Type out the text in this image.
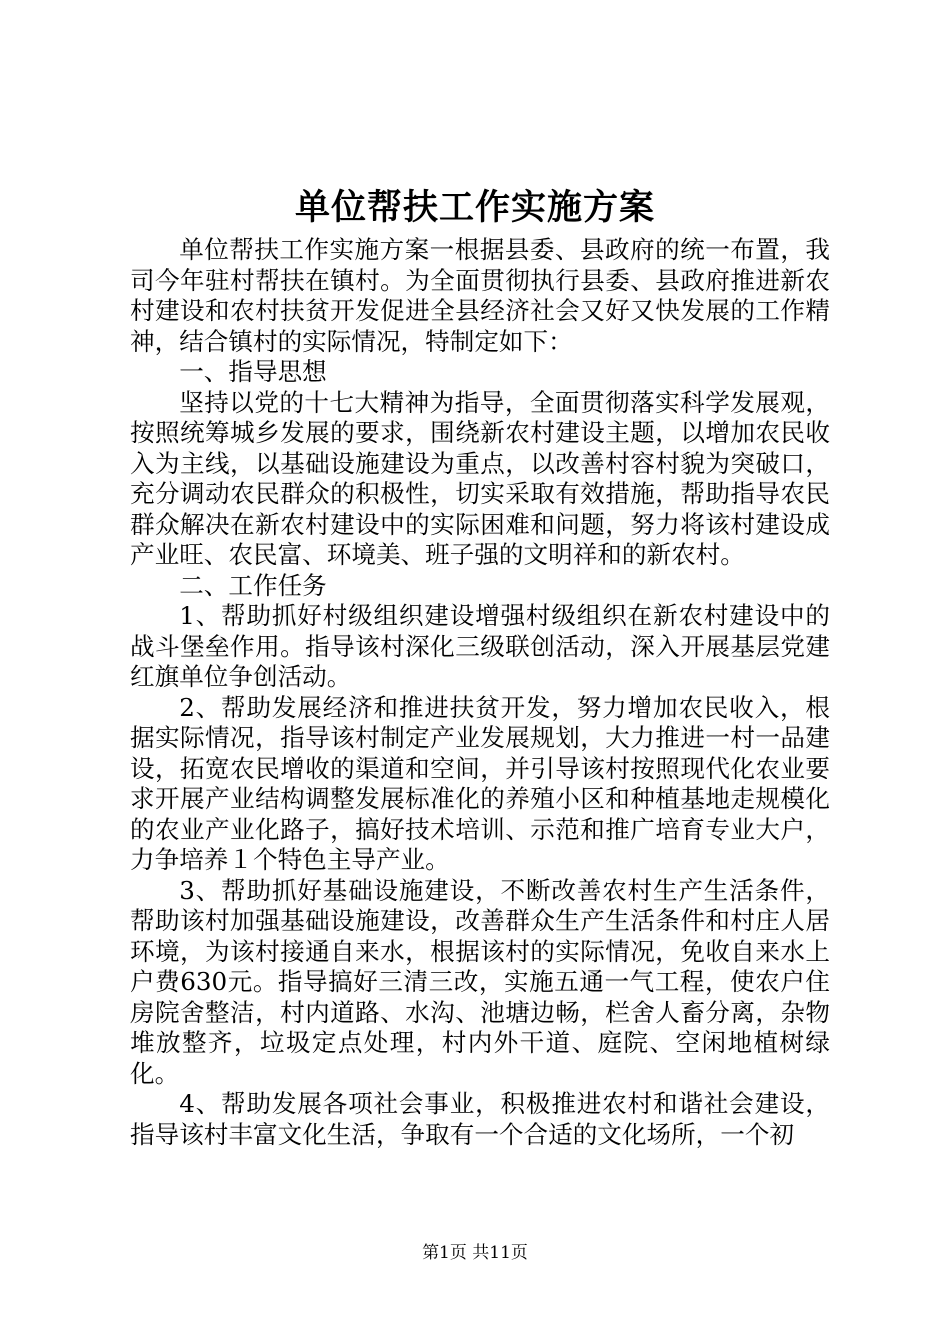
单位帮扶工作实施方案

单位帮扶工作实施方案一根据县委、县政府的统一布置，我司今年驻村帮扶在镇村。为全面贯彻执行县委、县政府推进新农村建设和农村扶贫开发促进全县经济社会又好又快发展的工作精神，结合镇村的实际情况，特制定如下：

一、指导思想

坚持以党的十七大精神为指导，全面贯彻落实科学发展观，按照统筹城乡发展的要求，围绕新农村建设主题，以增加农民收入为主线，以基础设施建设为重点，以改善村容村貌为突破口，充分调动农民群众的积极性，切实采取有效措施，帮助指导农民群众解决在新农村建设中的实际困难和问题，努力将该村建设成产业旺、农民富、环境美、班子强的文明祥和的新农村。

二、工作任务

1、帮助抓好村级组织建设增强村级组织在新农村建设中的战斗堡垒作用。指导该村深化三级联创活动，深入开展基层党建红旗单位争创活动。

2、帮助发展经济和推进扶贫开发，努力增加农民收入，根据实际情况，指导该村制定产业发展规划，大力推进一村一品建设，拓宽农民增收的渠道和空间，并引导该村按照现代化农业要求开展产业结构调整发展标准化的养殖小区和种植基地走规模化的农业产业化路子，搞好技术培训、示范和推广培育专业大户，力争培养１个特色主导产业。

3、帮助抓好基础设施建设，不断改善农村生产生活条件，帮助该村加强基础设施建设，改善群众生产生活条件和村庄人居环境，为该村接通自来水，根据该村的实际情况，免收自来水上户费630元。指导搞好三清三改，实施五通一气工程，使农户住房院舍整洁，村内道路、水沟、池塘边畅，栏舍人畜分离，杂物堆放整齐，垃圾定点处理，村内外干道、庭院、空闲地植树绿化。

4、帮助发展各项社会事业，积极推进农村和谐社会建设，指导该村丰富文化生活，争取有一个合适的文化场所，一个初

第1页 共11页
